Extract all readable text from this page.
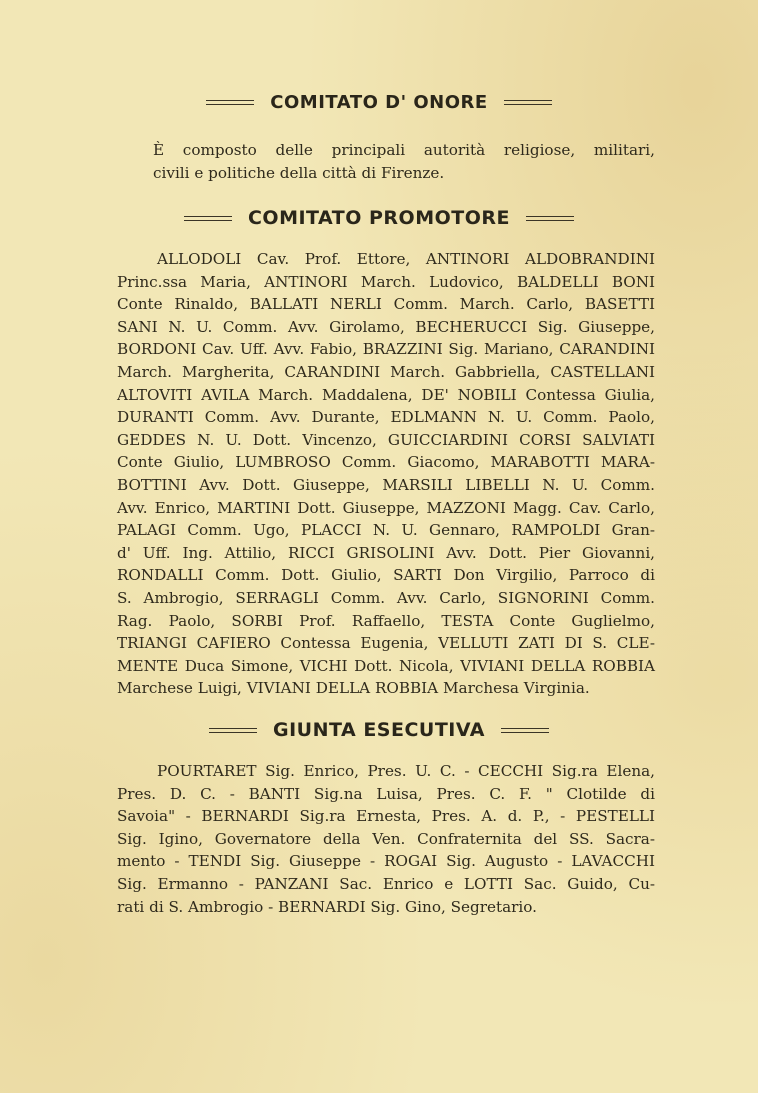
COMITATO D' ONORE
È composto delle principali autorità religiose, militari,
civili e politiche della città di Firenze.
COMITATO PROMOTORE
ALLODOLI Cav. Prof. Ettore, ANTINORI ALDOBRANDINI
Princ.ssa Maria, ANTINORI March. Ludovico, BALDELLI BONI
Conte Rinaldo, BALLATI NERLI Comm. March. Carlo, BASETTI
SANI N. U. Comm. Avv. Girolamo, BECHERUCCI Sig. Giuseppe,
BORDONI Cav. Uff. Avv. Fabio, BRAZZINI Sig. Mariano, CARANDINI
March. Margherita, CARANDINI March. Gabbriella, CASTELLANI
ALTOVITI AVILA March. Maddalena, DE' NOBILI Contessa Giulia,
DURANTI Comm. Avv. Durante, EDLMANN N. U. Comm. Paolo,
GEDDES N. U. Dott. Vincenzo, GUICCIARDINI CORSI SALVIATI
Conte Giulio, LUMBROSO Comm. Giacomo, MARABOTTI MARA-
BOTTINI Avv. Dott. Giuseppe, MARSILI LIBELLI N. U. Comm.
Avv. Enrico, MARTINI Dott. Giuseppe, MAZZONI Magg. Cav. Carlo,
PALAGI Comm. Ugo, PLACCI N. U. Gennaro, RAMPOLDI Gran-
d' Uff. Ing. Attilio, RICCI GRISOLINI Avv. Dott. Pier Giovanni,
RONDALLI Comm. Dott. Giulio, SARTI Don Virgilio, Parroco di
S. Ambrogio, SERRAGLI Comm. Avv. Carlo, SIGNORINI Comm.
Rag. Paolo, SORBI Prof. Raffaello, TESTA Conte Guglielmo,
TRIANGI CAFIERO Contessa Eugenia, VELLUTI ZATI DI S. CLE-
MENTE Duca Simone, VICHI Dott. Nicola, VIVIANI DELLA ROBBIA
Marchese Luigi, VIVIANI DELLA ROBBIA Marchesa Virginia.
GIUNTA ESECUTIVA
POURTARET Sig. Enrico, Pres. U. C. - CECCHI Sig.ra Elena,
Pres. D. C. - BANTI Sig.na Luisa, Pres. C. F. " Clotilde di
Savoia" - BERNARDI Sig.ra Ernesta, Pres. A. d. P., - PESTELLI
Sig. Igino, Governatore della Ven. Confraternita del SS. Sacra-
mento - TENDI Sig. Giuseppe - ROGAI Sig. Augusto - LAVACCHI
Sig. Ermanno - PANZANI Sac. Enrico e LOTTI Sac. Guido, Cu-
rati di S. Ambrogio - BERNARDI Sig. Gino, Segretario.
